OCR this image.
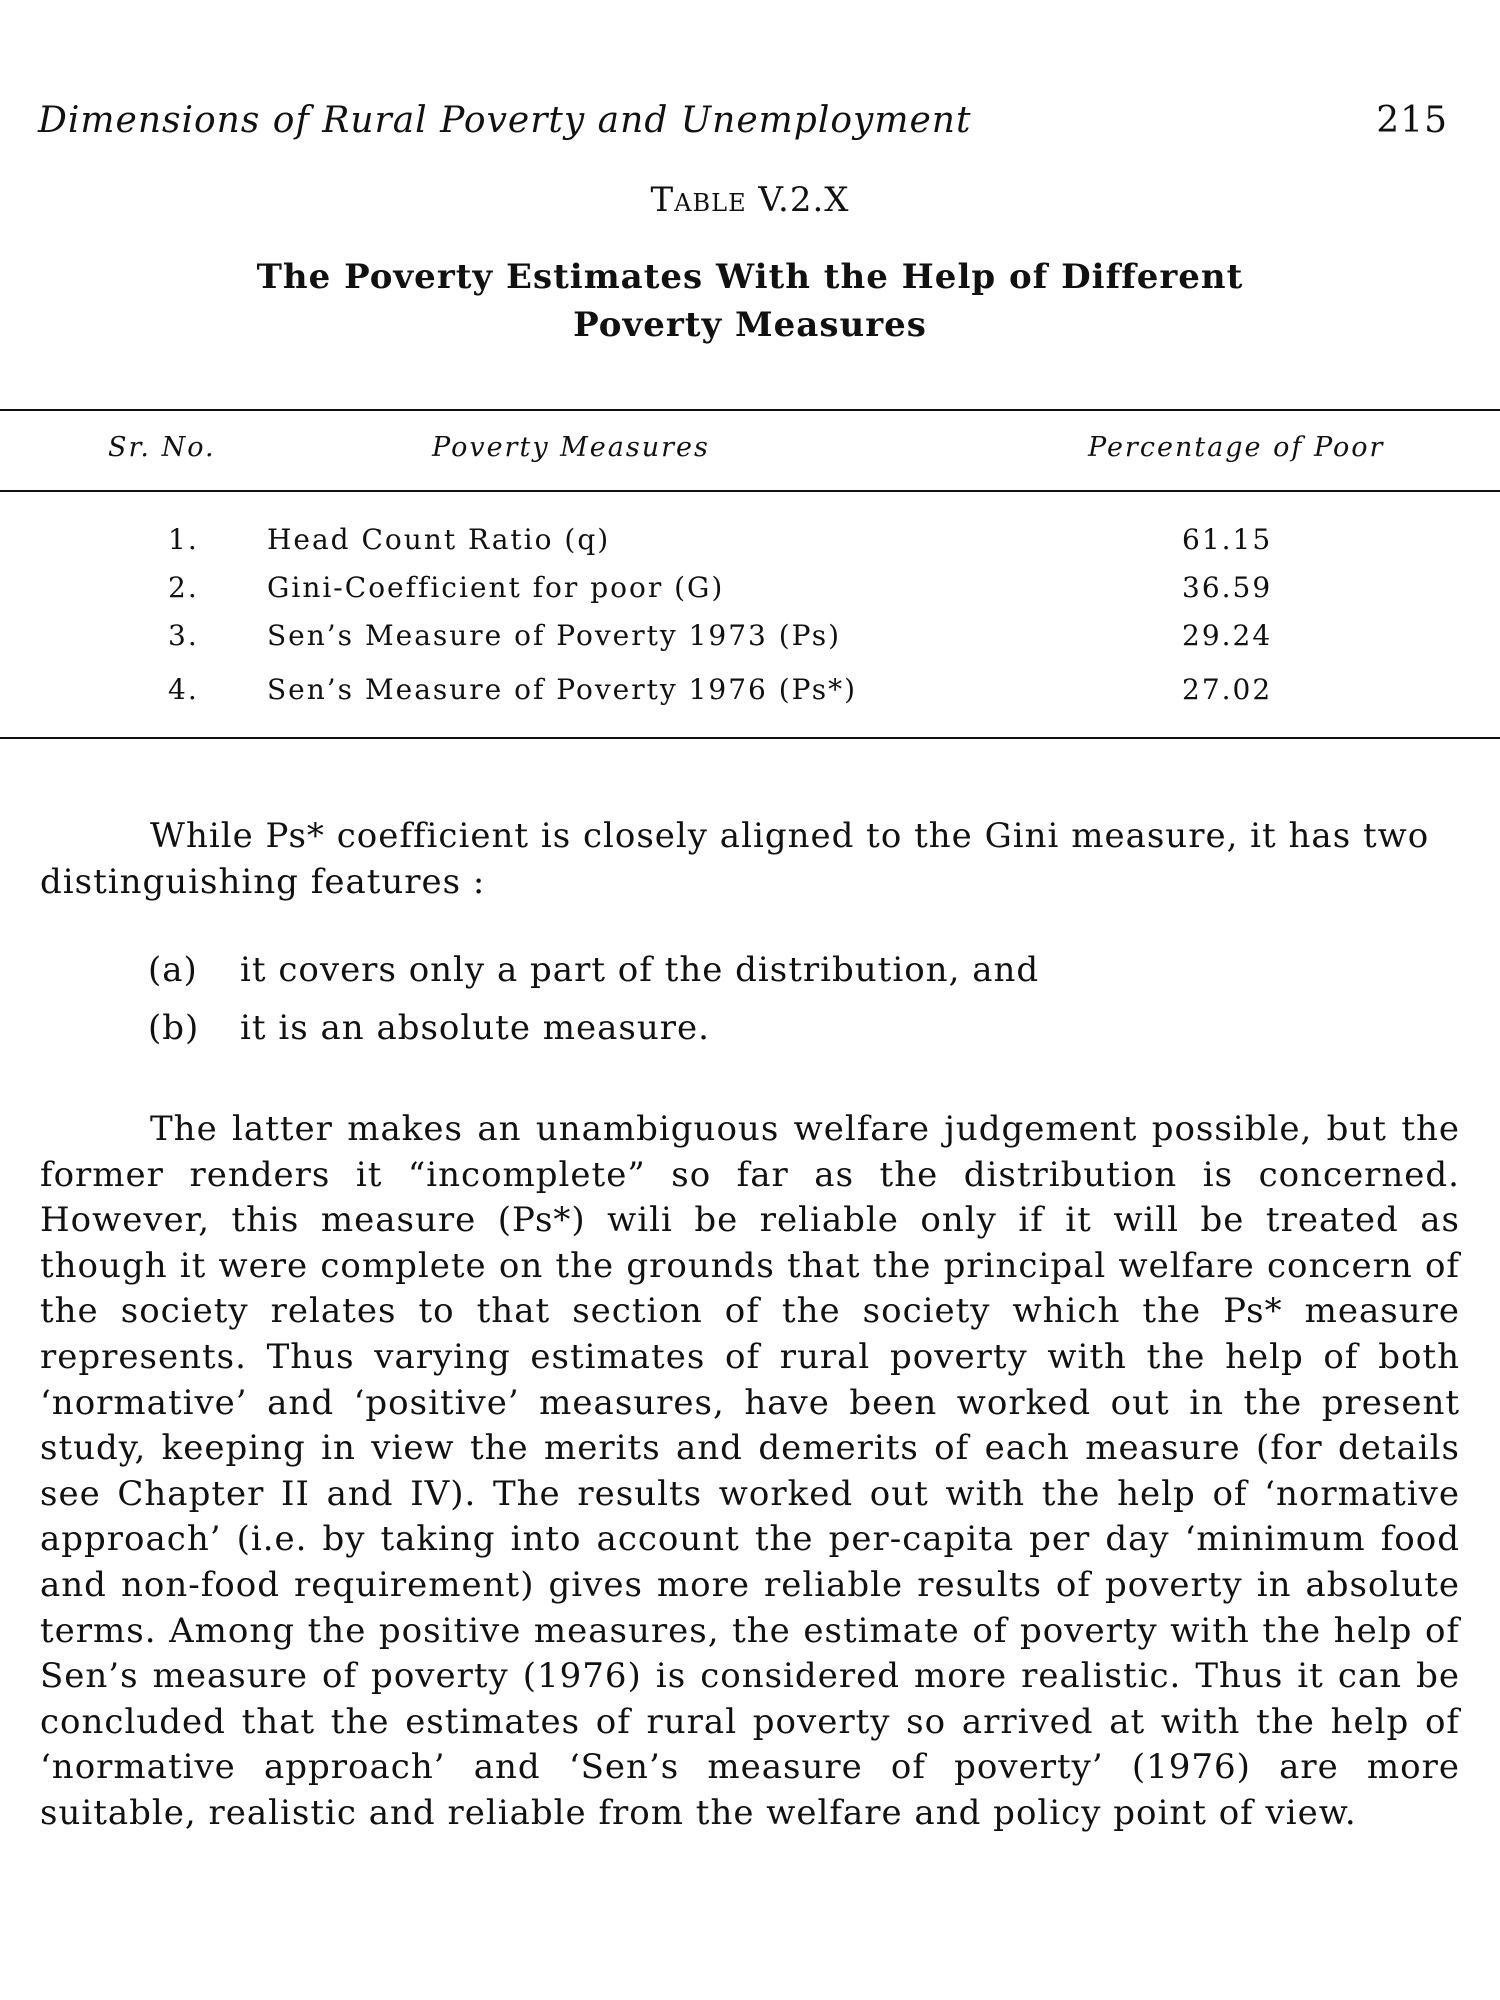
Dimensions of Rural Poverty and Unemployment	215
Table V.2.X
The Poverty Estimates With the Help of Different
Poverty Measures
Sr. No.	Poverty Measures	Percentage of Poor
1. Head Count Ratio (q)	61.15
2. Gini-Coefficient for poor (G)	36.59
3. Sen’s Measure of Poverty 1973 (Ps)	29.24
4. Sen’s Measure of Poverty 1976 (Ps*)	27.02
While Ps* coefficient is closely aligned to the Gini measure, it has two distinguishing features :
(a) it covers only a part of the distribution, and
(b) it is an absolute measure.
The latter makes an unambiguous welfare judgement possible, but the former renders it “incomplete” so far as the distribution is concerned. However, this measure (Ps*) wili be reliable only if it will be treated as though it were complete on the grounds that the principal welfare concern of the society relates to that section of the society which the Ps* measure represents. Thus varying estimates of rural poverty with the help of both ‘normative’ and ‘positive’ measures, have been worked out in the present study, keeping in view the merits and demerits of each measure (for details see Chapter II and IV). The results worked out with the help of ‘normative approach’ (i.e. by taking into account the per-capita per day ‘minimum food and non-food requirement) gives more reliable results of poverty in absolute terms. Among the positive measures, the estimate of poverty with the help of Sen’s measure of poverty (1976) is considered more realistic. Thus it can be concluded that the estimates of rural poverty so arrived at with the help of ‘normative approach’ and ‘Sen’s measure of poverty’ (1976) are more suitable, realistic and reliable from the welfare and policy point of view.
